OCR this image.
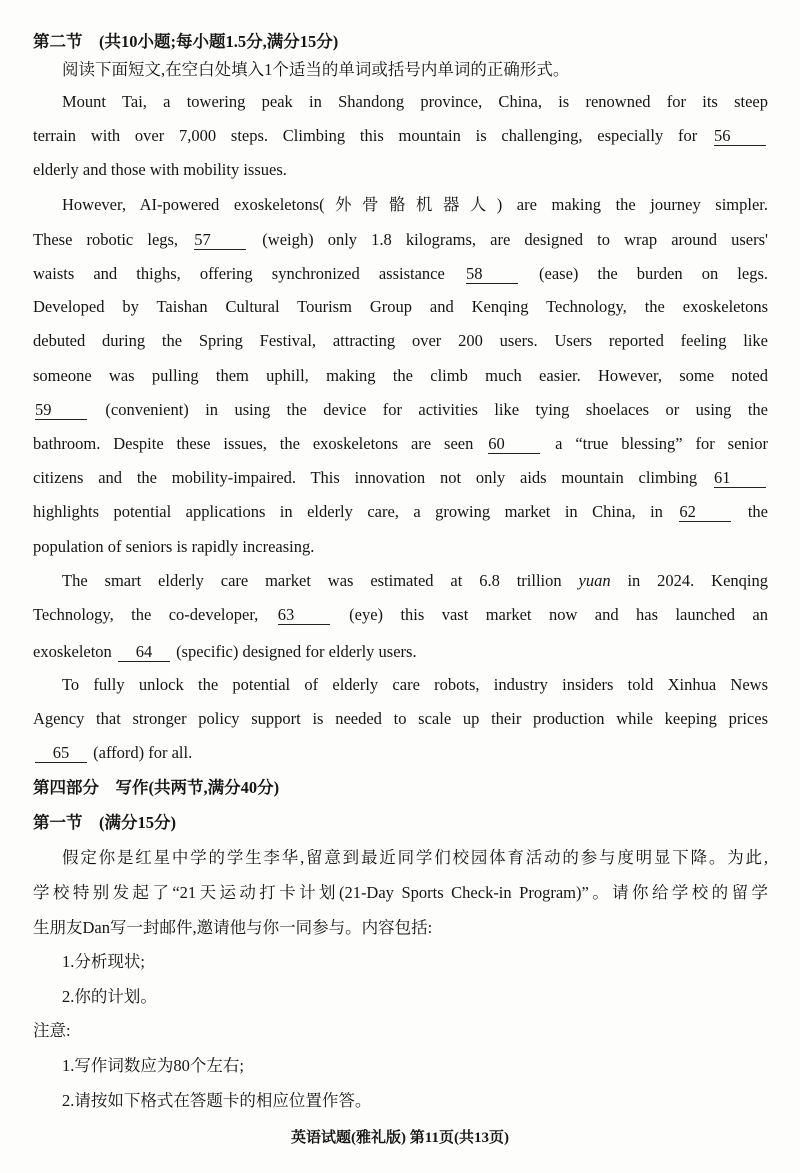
第二节　(共10小题;每小题1.5分,满分15分)
阅读下面短文,在空白处填入1个适当的单词或括号内单词的正确形式。
Mount Tai, a towering peak in Shandong province, China, is renowned for its steep
terrain with over 7,000 steps. Climbing this mountain is challenging, especially for 56
elderly and those with mobility issues.
However, AI-powered exoskeletons(外骨骼机器人) are making the journey simpler.
These robotic legs, 57 (weigh) only 1.8 kilograms, are designed to wrap around users'
waists and thighs, offering synchronized assistance 58 (ease) the burden on legs.
Developed by Taishan Cultural Tourism Group and Kenqing Technology, the exoskeletons
debuted during the Spring Festival, attracting over 200 users. Users reported feeling like
someone was pulling them uphill, making the climb much easier. However, some noted
59 (convenient) in using the device for activities like tying shoelaces or using the
bathroom. Despite these issues, the exoskeletons are seen 60 a “true blessing” for senior
citizens and the mobility-impaired. This innovation not only aids mountain climbing 61
highlights potential applications in elderly care, a growing market in China, in 62 the
population of seniors is rapidly increasing.
The smart elderly care market was estimated at 6.8 trillion yuan in 2024. Kenqing
Technology, the co-developer, 63 (eye) this vast market now and has launched an
exoskeleton 64 (specific) designed for elderly users.
To fully unlock the potential of elderly care robots, industry insiders told Xinhua News
Agency that stronger policy support is needed to scale up their production while keeping prices
65 (afford) for all.
第四部分　写作(共两节,满分40分)
第一节　(满分15分)
假定你是红星中学的学生李华,留意到最近同学们校园体育活动的参与度明显下降。为此,
学校特别发起了“21天运动打卡计划(21-Day Sports Check-in Program)”。请你给学校的留学
生朋友Dan写一封邮件,邀请他与你一同参与。内容包括:
1.分析现状;
2.你的计划。
注意:
1.写作词数应为80个左右;
2.请按如下格式在答题卡的相应位置作答。
英语试题(雅礼版) 第11页(共13页)
